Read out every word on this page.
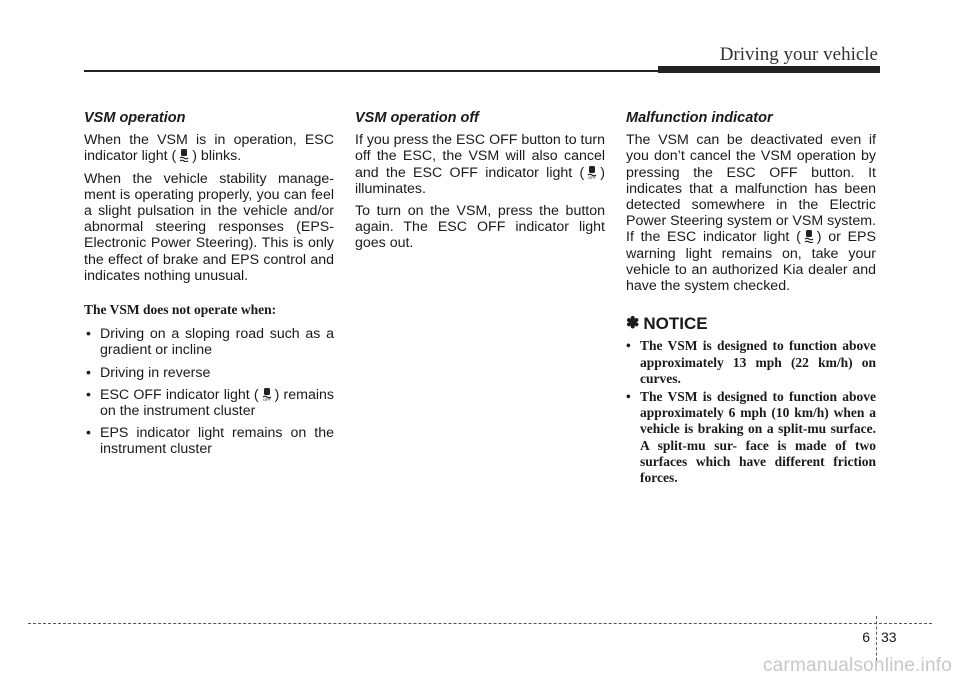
Driving your vehicle
VSM operation

When the VSM is in operation, ESC indicator light ( ) blinks.

When the vehicle stability manage- ment is operating properly, you can feel a slight pulsation in the vehicle and/or abnormal steering responses (EPS- Electronic Power Steering). This is only the effect of brake and EPS control and indicates nothing unusual.

The VSM does not operate when:
• Driving on a sloping road such as a gradient or incline
• Driving in reverse
• ESC OFF indicator light ( OFF ) remains on the instrument cluster
• EPS indicator light remains on the instrument cluster
VSM operation off

If you press the ESC OFF button to turn off the ESC, the VSM will also cancel and the ESC OFF indicator light ( OFF ) illuminates.

To turn on the VSM, press the button again. The ESC OFF indicator light goes out.

Malfunction indicator

The VSM can be deactivated even if you don’t cancel the VSM operation by pressing the ESC OFF button. It indicates that a malfunction has been detected somewhere in the Electric Power Steering system or VSM system. If the ESC indicator light ( ) or EPS warning light remains on, take your vehicle to an authorized Kia dealer and have the system checked.

✽ NOTICE
• The VSM is designed to function above approximately 13 mph (22 km/h) on curves.
• The VSM is designed to function above approximately 6 mph (10 km/h) when a vehicle is braking on a split-mu surface. A split-mu sur- face is made of two surfaces which have different friction forces.
6 33
carmanualsonline.info
